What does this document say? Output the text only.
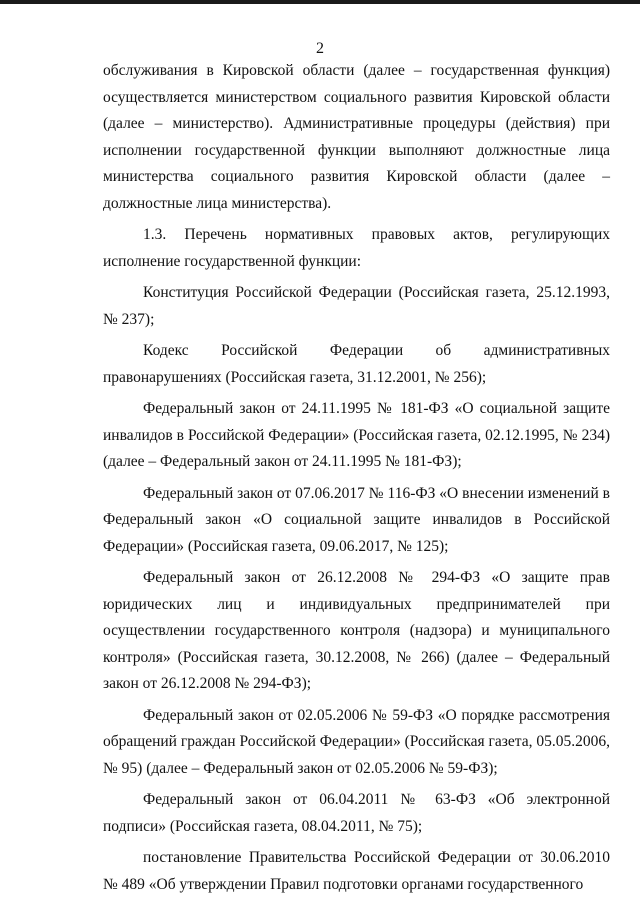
2

обслуживания в Кировской области (далее – государственная функция) осуществляется министерством социального развития Кировской области (далее – министерство). Административные процедуры (действия) при исполнении государственной функции выполняют должностные лица министерства социального развития Кировской области (далее – должностные лица министерства).

1.3. Перечень нормативных правовых актов, регулирующих исполнение государственной функции:

Конституция Российской Федерации (Российская газета, 25.12.1993, № 237);

Кодекс Российской Федерации об административных правонарушениях (Российская газета, 31.12.2001, № 256);

Федеральный закон от 24.11.1995 № 181-ФЗ «О социальной защите инвалидов в Российской Федерации» (Российская газета, 02.12.1995, № 234) (далее – Федеральный закон от 24.11.1995 № 181-ФЗ);

Федеральный закон от 07.06.2017 № 116-ФЗ «О внесении изменений в Федеральный закон «О социальной защите инвалидов в Российской Федерации» (Российская газета, 09.06.2017, № 125);

Федеральный закон от 26.12.2008 № 294-ФЗ «О защите прав юридических лиц и индивидуальных предпринимателей при осуществлении государственного контроля (надзора) и муниципального контроля» (Российская газета, 30.12.2008, № 266) (далее – Федеральный закон от 26.12.2008 № 294-ФЗ);

Федеральный закон от 02.05.2006 № 59-ФЗ «О порядке рассмотрения обращений граждан Российской Федерации» (Российская газета, 05.05.2006, № 95) (далее – Федеральный закон от 02.05.2006 № 59-ФЗ);

Федеральный закон от 06.04.2011 № 63-ФЗ «Об электронной подписи» (Российская газета, 08.04.2011, № 75);

постановление Правительства Российской Федерации от 30.06.2010 № 489 «Об утверждении Правил подготовки органами государственного
